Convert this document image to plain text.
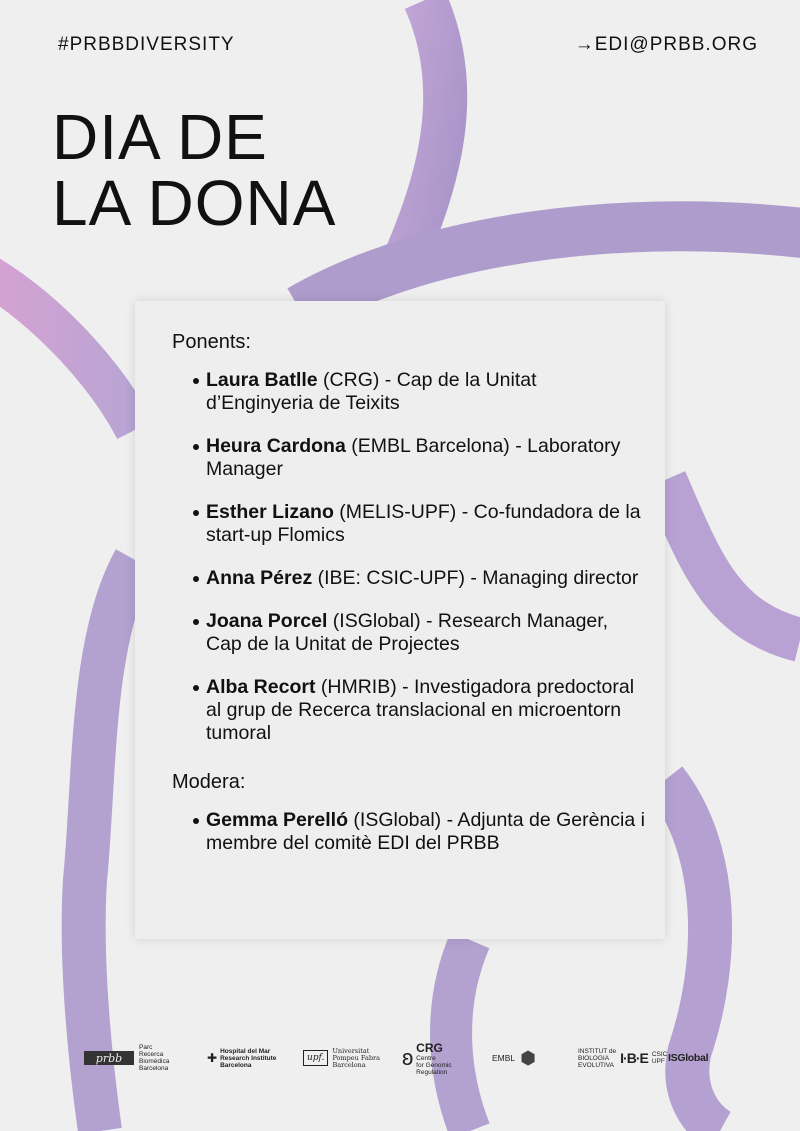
#PRBBDIVERSITY	→EDI@PRBB.ORG
DIA DE
LA DONA

Ponents:

Laura Batlle (CRG) - Cap de la Unitat d’Enginyeria de Teixits
Heura Cardona (EMBL Barcelona) - Laboratory Manager
Esther Lizano (MELIS-UPF) - Co-fundadora de la start-up Flomics
Anna Pérez (IBE: CSIC-UPF) - Managing director
Joana Porcel (ISGlobal) - Research Manager, Cap de la Unitat de Projectes
Alba Recort (HMRIB) - Investigadora predoctoral al grup de Recerca translacional en microentorn tumoral

Modera:

Gemma Perelló (ISGlobal) - Adjunta de Gerència i membre del comitè EDI del PRBB
prbb
Parc
Recerca
Biomèdica
Barcelona
✚ Hospital del Mar
Research Institute
Barcelona
upf.
Universitat
Pompeu Fabra
Barcelona	ʚ CRG
Centre
for Genomic
Regulation
EMBL ⬢	INSTITUT de
BIOLOGIA
EVOLUTIVA I·B·E CSIC
UPF ISGlobal
